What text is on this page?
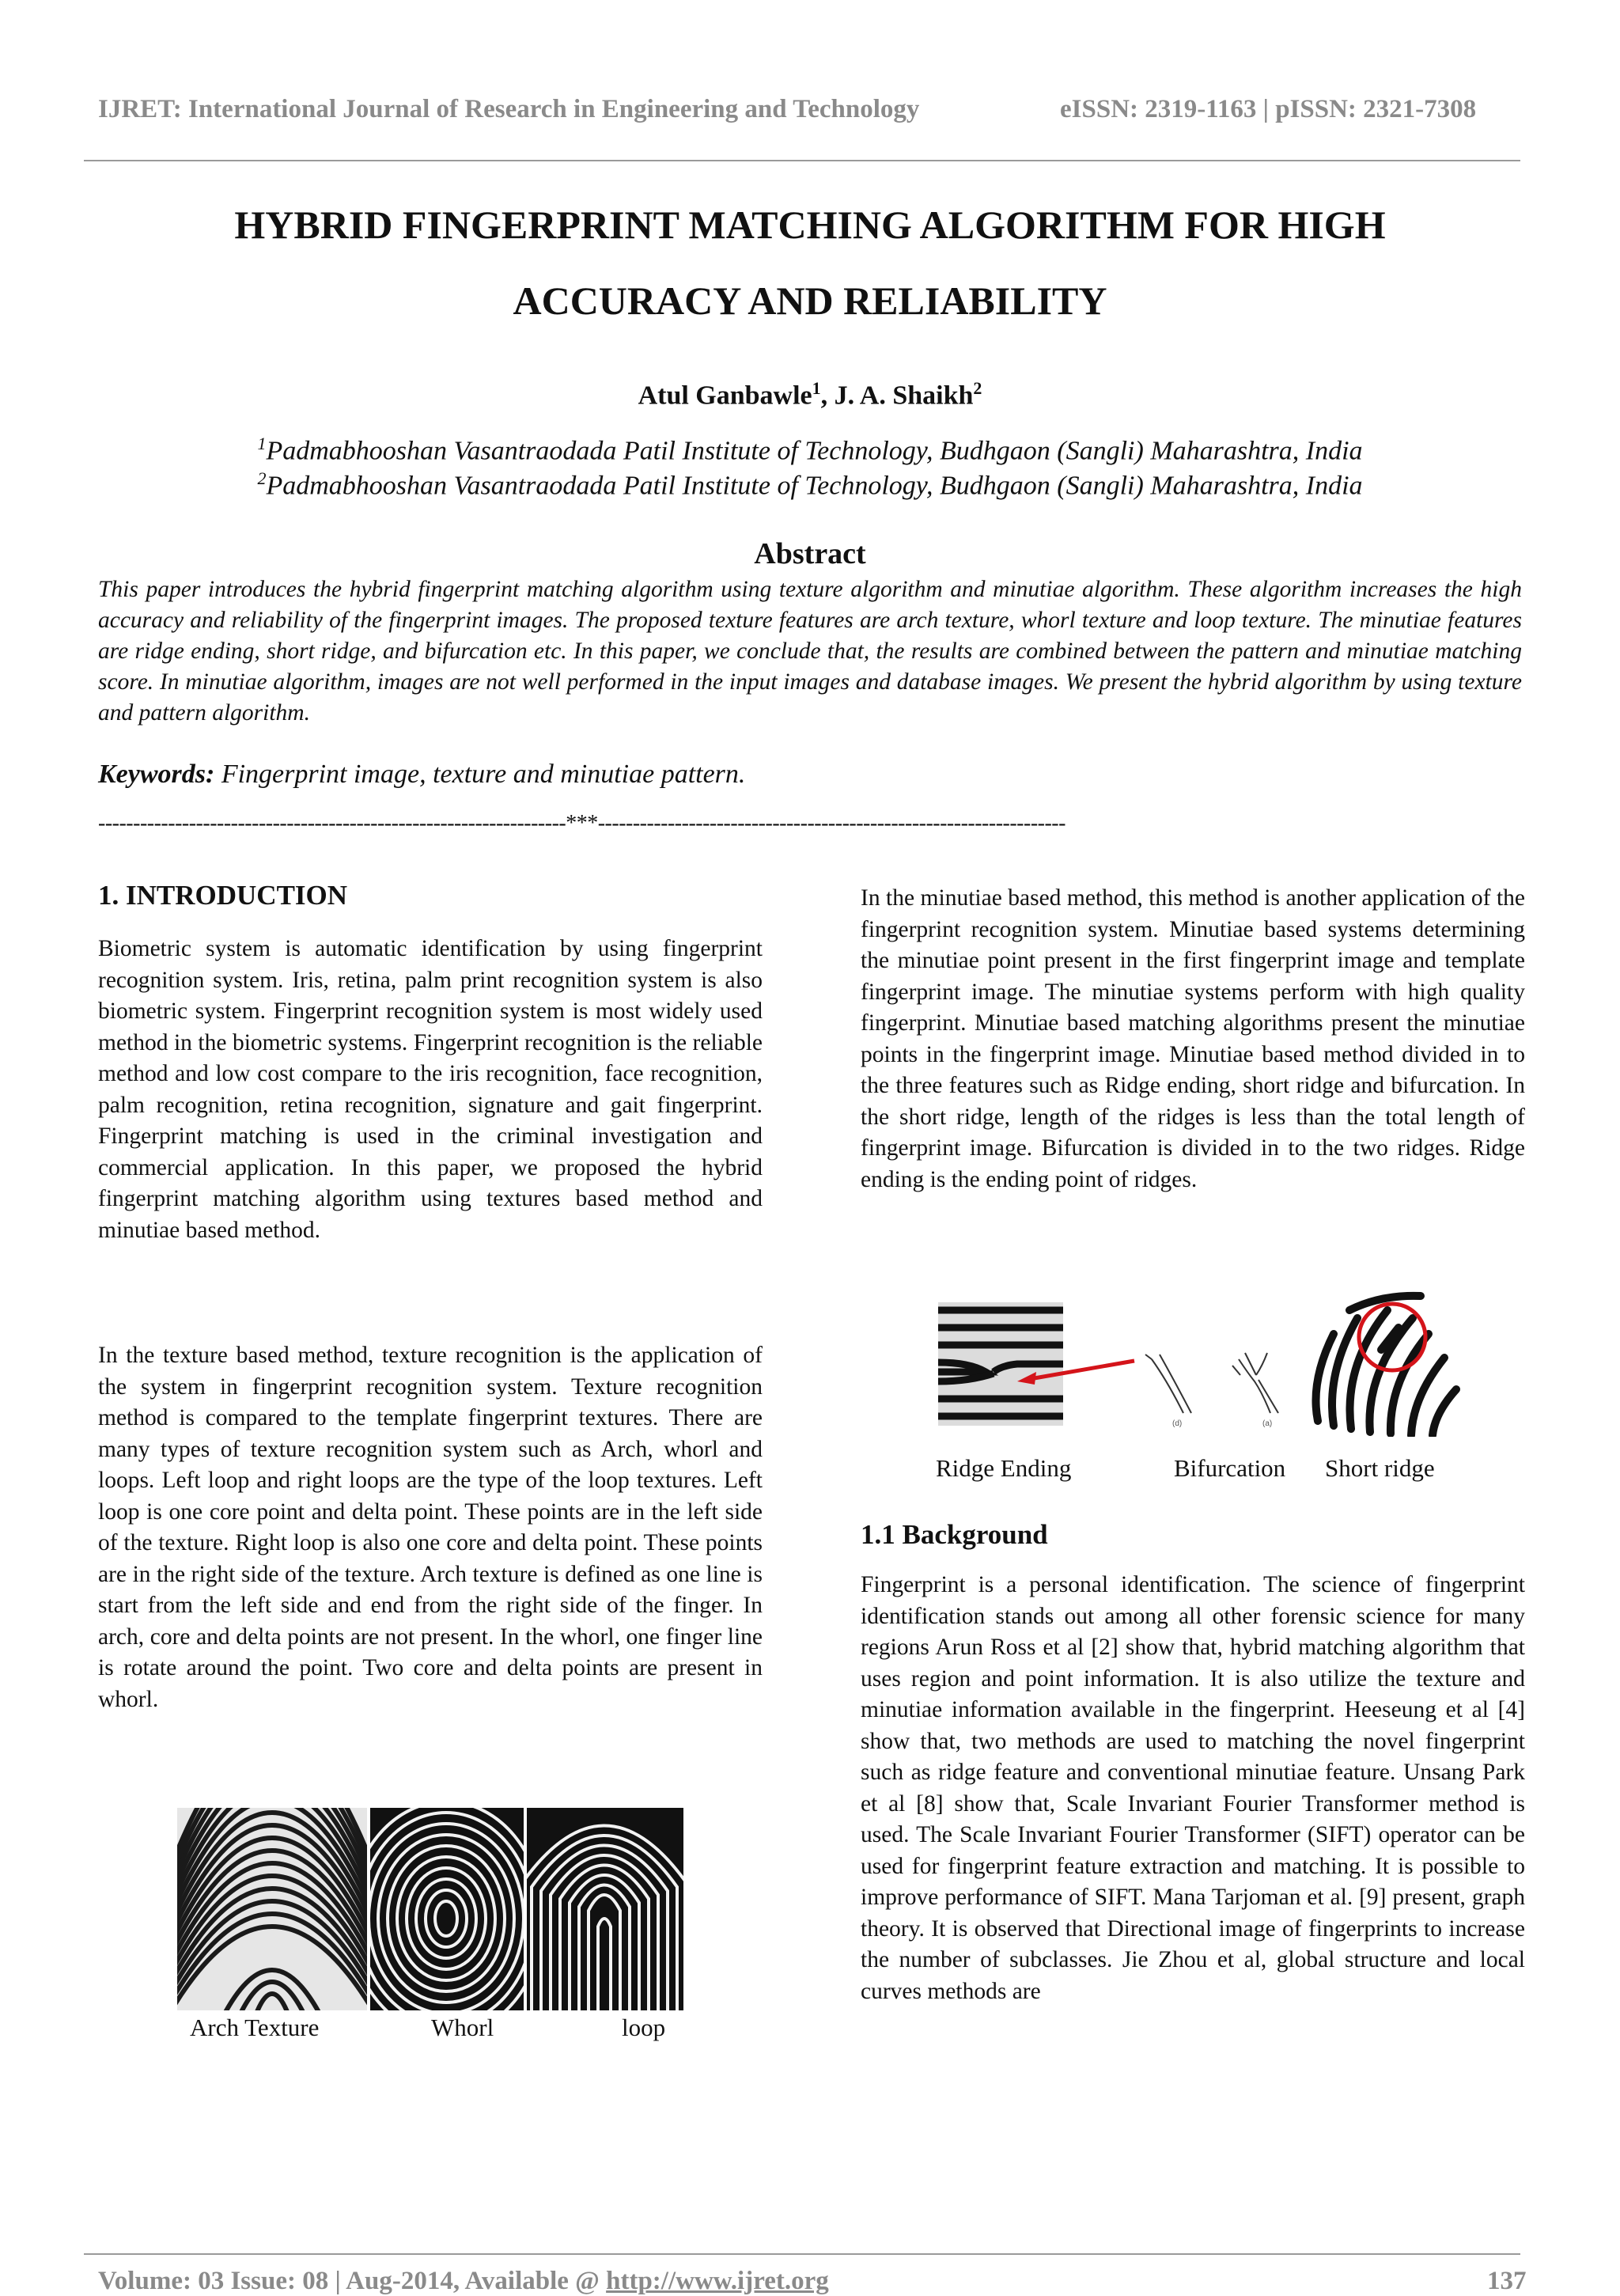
IJRET: International Journal of Research in Engineering and Technology	eISSN: 2319-1163 | pISSN: 2321-7308
HYBRID FINGERPRINT MATCHING ALGORITHM FOR HIGH
ACCURACY AND RELIABILITY
Atul Ganbawle$^1$, J. A. Shaikh$^2$
$^1$Padmabhooshan Vasantraodada Patil Institute of Technology, Budhgaon (Sangli) Maharashtra, India
$^2$Padmabhooshan Vasantraodada Patil Institute of Technology, Budhgaon (Sangli) Maharashtra, India
Abstract
This paper introduces the hybrid fingerprint matching algorithm using texture algorithm and minutiae algorithm. These algorithm increases the high accuracy and reliability of the fingerprint images. The proposed texture features are arch texture, whorl texture and loop texture. The minutiae features are ridge ending, short ridge, and bifurcation etc. In this paper, we conclude that, the results are combined between the pattern and minutiae matching score. In minutiae algorithm, images are not well performed in the input images and database images. We present the hybrid algorithm by using texture and pattern algorithm.
Keywords: Fingerprint image, texture and minutiae pattern.
-------------------------------------------------------------------***-------------------------------------------------------------------
1. INTRODUCTION
Biometric system is automatic identification by using fingerprint recognition system. Iris, retina, palm print recognition system is also biometric system. Fingerprint recognition system is most widely used method in the biometric systems. Fingerprint recognition is the reliable method and low cost compare to the iris recognition, face recognition, palm recognition, retina recognition, signature and gait fingerprint. Fingerprint matching is used in the criminal investigation and commercial application. In this paper, we proposed the hybrid fingerprint matching algorithm using textures based method and minutiae based method.
In the texture based method, texture recognition is the application of the system in fingerprint recognition system. Texture recognition method is compared to the template fingerprint textures. There are many types of texture recognition system such as Arch, whorl and loops. Left loop and right loops are the type of the loop textures. Left loop is one core point and delta point. These points are in the left side of the texture. Right loop is also one core and delta point. These points are in the right side of the texture. Arch texture is defined as one line is start from the left side and end from the right side of the finger. In arch, core and delta points are not present. In the whorl, one finger line is rotate around the point. Two core and delta points are present in whorl.
Arch Texture	Whorl	loop
In the minutiae based method, this method is another application of the fingerprint recognition system. Minutiae based systems determining the minutiae point present in the first fingerprint image and template fingerprint image. The minutiae systems perform with high quality fingerprint. Minutiae based matching algorithms present the minutiae points in the fingerprint image. Minutiae based method divided in to the three features such as Ridge ending, short ridge and bifurcation. In the short ridge, length of the ridges is less than the total length of fingerprint image. Bifurcation is divided in to the two ridges. Ridge ending is the ending point of ridges.
(d)	(a)
Ridge Ending	Bifurcation Short ridge
1.1 Background
Fingerprint is a personal identification. The science of fingerprint identification stands out among all other forensic science for many regions Arun Ross et al [2] show that, hybrid matching algorithm that uses region and point information. It is also utilize the texture and minutiae information available in the fingerprint. Heeseung et al [4] show that, two methods are used to matching the novel fingerprint such as ridge feature and conventional minutiae feature. Unsang Park et al [8] show that, Scale Invariant Fourier Transformer method is used. The Scale Invariant Fourier Transformer (SIFT) operator can be used for fingerprint feature extraction and matching. It is possible to improve performance of SIFT. Mana Tarjoman et al. [9] present, graph theory. It is observed that Directional image of fingerprints to increase the number of subclasses. Jie Zhou et al, global structure and local curves methods are
Volume: 03 Issue: 08 | Aug-2014, Available @ http://www.ijret.org	137
